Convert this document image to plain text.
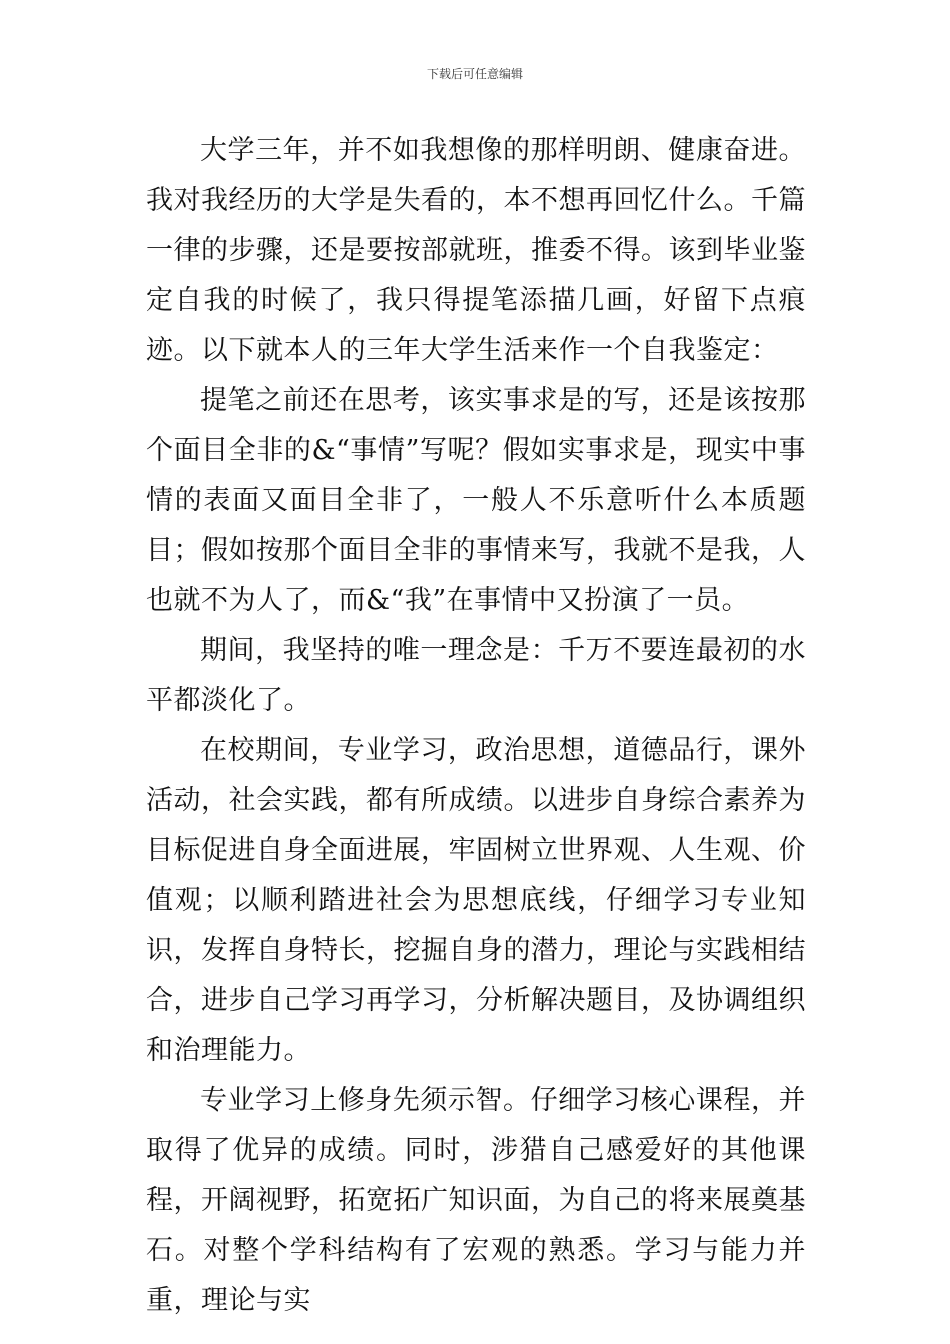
下载后可任意编辑

大学三年，并不如我想像的那样明朗、健康奋进。我对我经历的大学是失看的，本不想再回忆什么。千篇一律的步骤，还是要按部就班，推委不得。该到毕业鉴定自我的时候了，我只得提笔添描几画，好留下点痕迹。以下就本人的三年大学生活来作一个自我鉴定：

提笔之前还在思考，该实事求是的写，还是该按那个面目全非的&“事情”写呢？假如实事求是，现实中事情的表面又面目全非了，一般人不乐意听什么本质题目；假如按那个面目全非的事情来写，我就不是我，人也就不为人了，而&“我”在事情中又扮演了一员。

期间，我坚持的唯一理念是：千万不要连最初的水平都淡化了。

在校期间，专业学习，政治思想，道德品行，课外活动，社会实践，都有所成绩。以进步自身综合素养为目标促进自身全面进展，牢固树立世界观、人生观、价值观；以顺利踏进社会为思想底线，仔细学习专业知识，发挥自身特长，挖掘自身的潜力，理论与实践相结合，进步自己学习再学习，分析解决题目，及协调组织和治理能力。

专业学习上修身先须示智。仔细学习核心课程，并取得了优异的成绩。同时，涉猎自己感爱好的其他课程，开阔视野，拓宽拓广知识面，为自己的将来展奠基石。对整个学科结构有了宏观的熟悉。学习与能力并重，理论与实
